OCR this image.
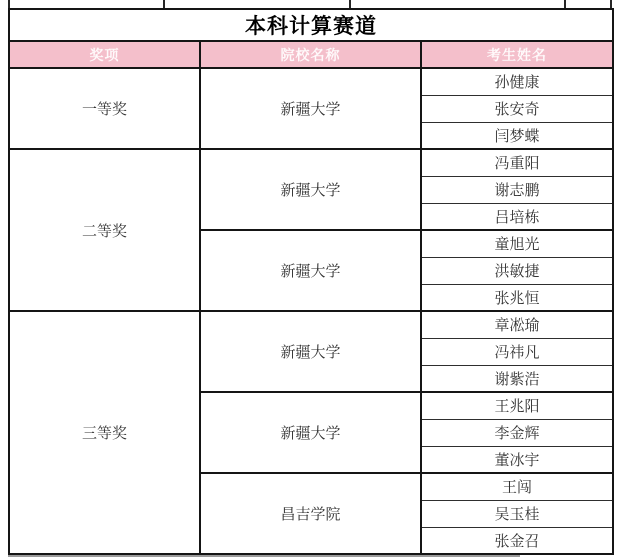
本科计算赛道		
奖项	院校名称	考生姓名
一等奖	新疆大学	孙健康
		张安奇
		闫梦蝶
二等奖	新疆大学	冯重阳
		谢志鹏
		吕培栋
	新疆大学	童旭光
		洪敏捷
		张兆恒
三等奖	新疆大学	章凇瑜
		冯祎凡
		谢紫浩
	新疆大学	王兆阳
		李金辉
		董冰宇
	昌吉学院	王闯
		吴玉桂
		张金召
